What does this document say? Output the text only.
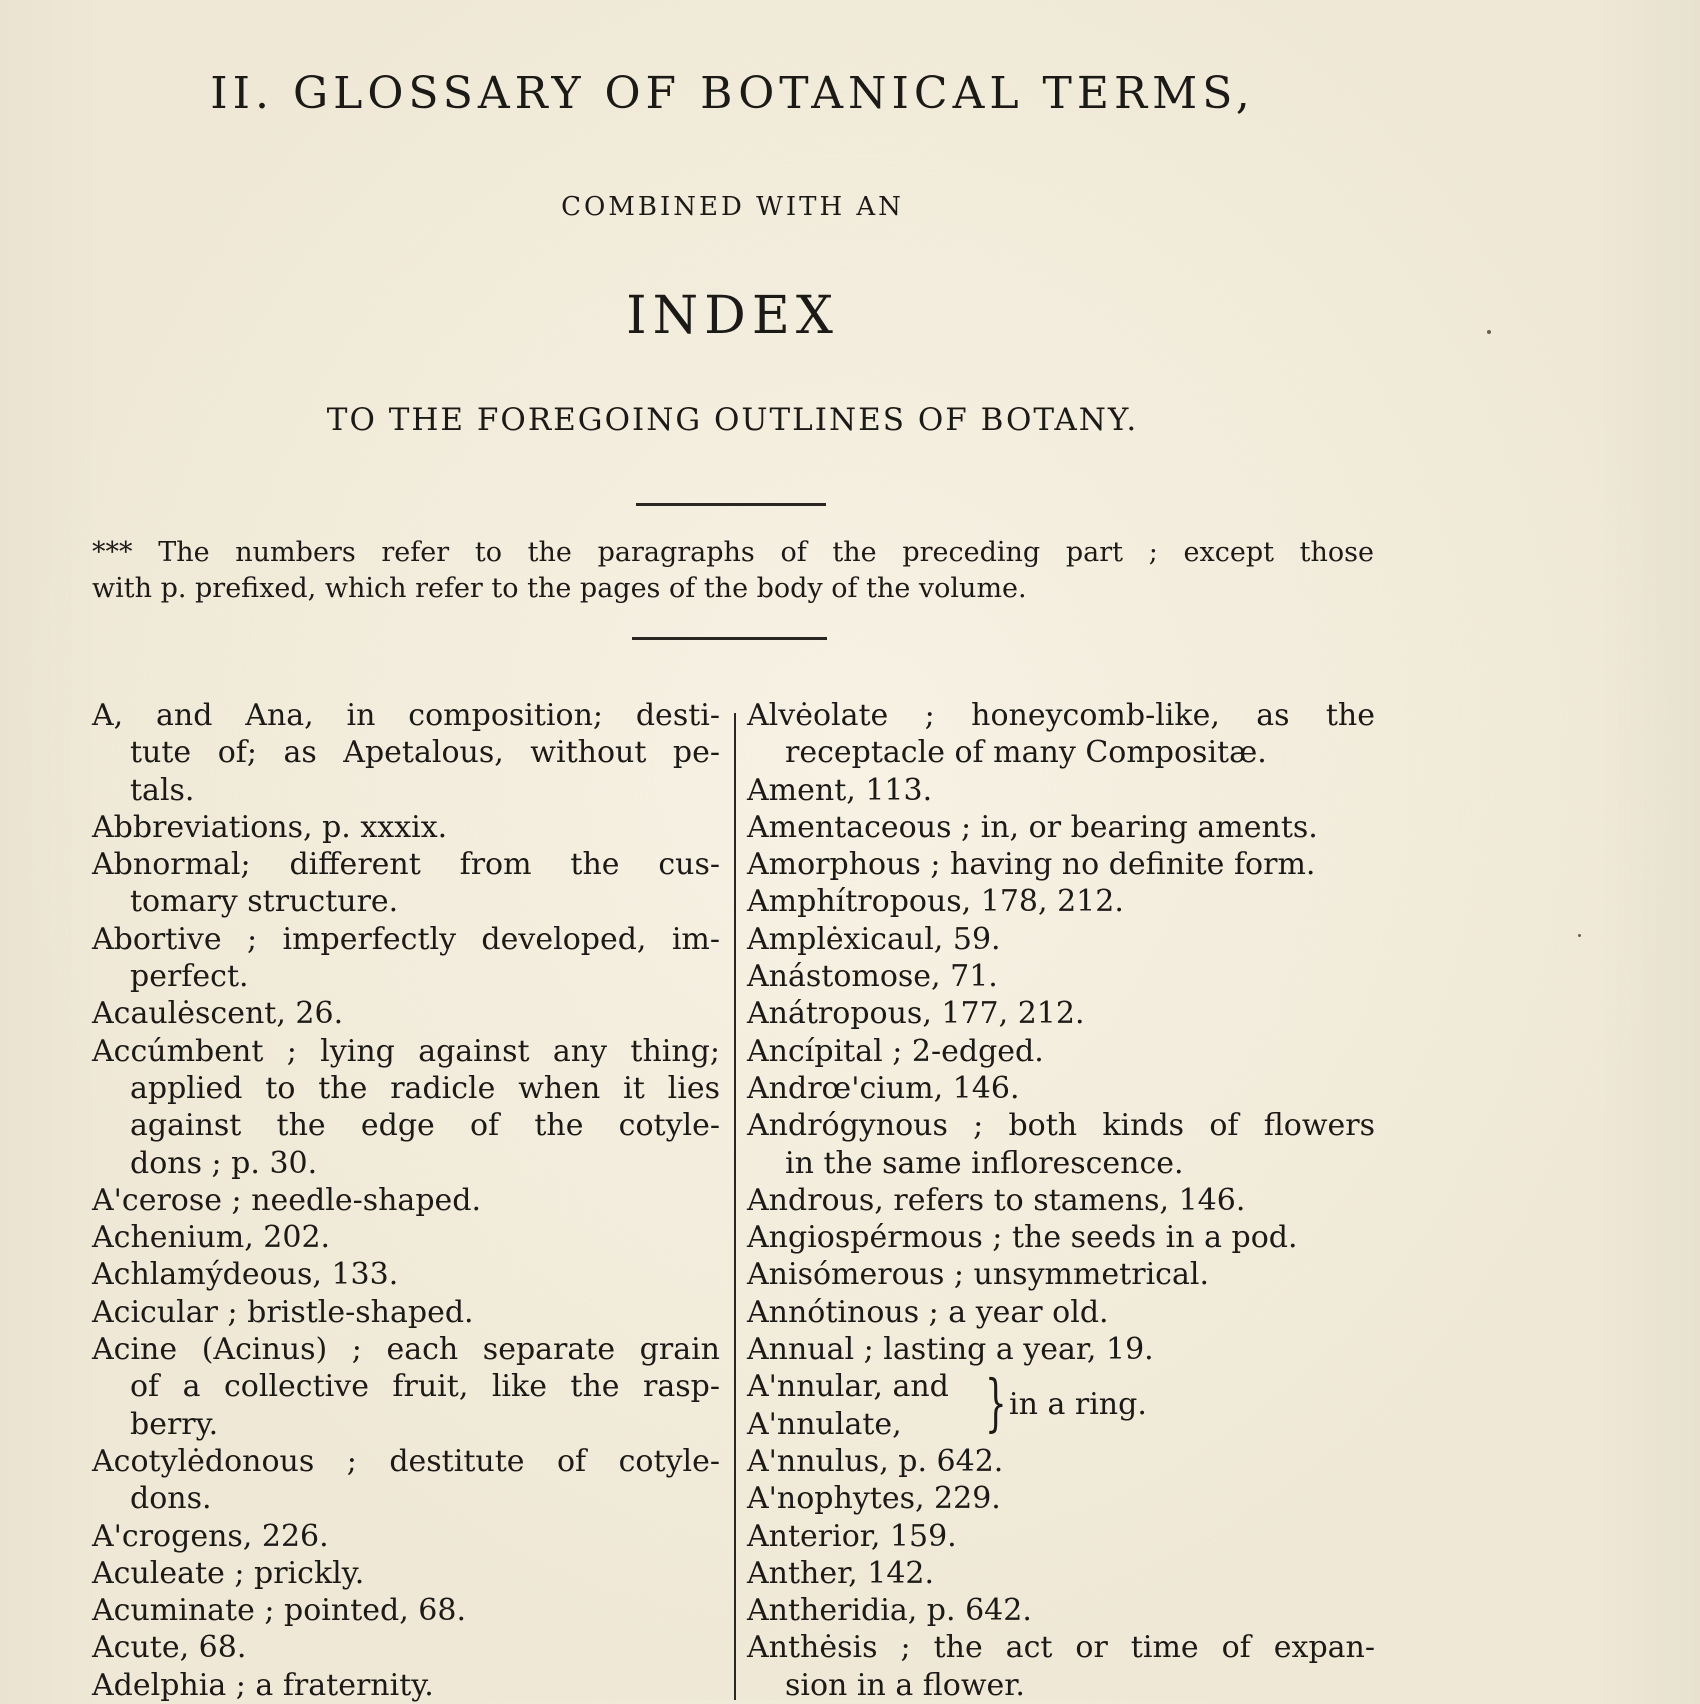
II. GLOSSARY OF BOTANICAL TERMS,
COMBINED WITH AN
INDEX
TO THE FOREGOING OUTLINES OF BOTANY.
*** The numbers refer to the paragraphs of the preceding part ; except those
with p. prefixed, which refer to the pages of the body of the volume.
A, and Ana, in composition; desti-
tute of; as Apetalous, without pe-
tals.
Abbreviations, p. xxxix.
Abnormal; different from the cus-
tomary structure.
Abortive ; imperfectly developed, im-
perfect.
Acaulėscent, 26.
Accúmbent ; lying against any thing;
applied to the radicle when it lies
against the edge of the cotyle-
dons ; p. 30.
A'cerose ; needle-shaped.
Achenium, 202.
Achlamýdeous, 133.
Acicular ; bristle-shaped.
Acine (Acinus) ; each separate grain
of a collective fruit, like the rasp-
berry.
Acotylėdonous ; destitute of cotyle-
dons.
A'crogens, 226.
Aculeate ; prickly.
Acuminate ; pointed, 68.
Acute, 68.
Adelphia ; a fraternity.
Alvėolate ; honeycomb-like, as the
receptacle of many Compositæ.
Ament, 113.
Amentaceous ; in, or bearing aments.
Amorphous ; having no definite form.
Amphítropous, 178, 212.
Amplėxicaul, 59.
Anástomose, 71.
Anátropous, 177, 212.
Ancípital ; 2-edged.
Andrœ'cium, 146.
Andrógynous ; both kinds of flowers
in the same inflorescence.
Androus, refers to stamens, 146.
Angiospérmous ; the seeds in a pod.
Anisómerous ; unsymmetrical.
Annótinous ; a year old.
Annual ; lasting a year, 19.
A'nnular, and
A'nnulate,	} in a ring.
A'nnulus, p. 642.
A'nophytes, 229.
Anterior, 159.
Anther, 142.
Antheridia, p. 642.
Anthėsis ; the act or time of expan-
sion in a flower.
